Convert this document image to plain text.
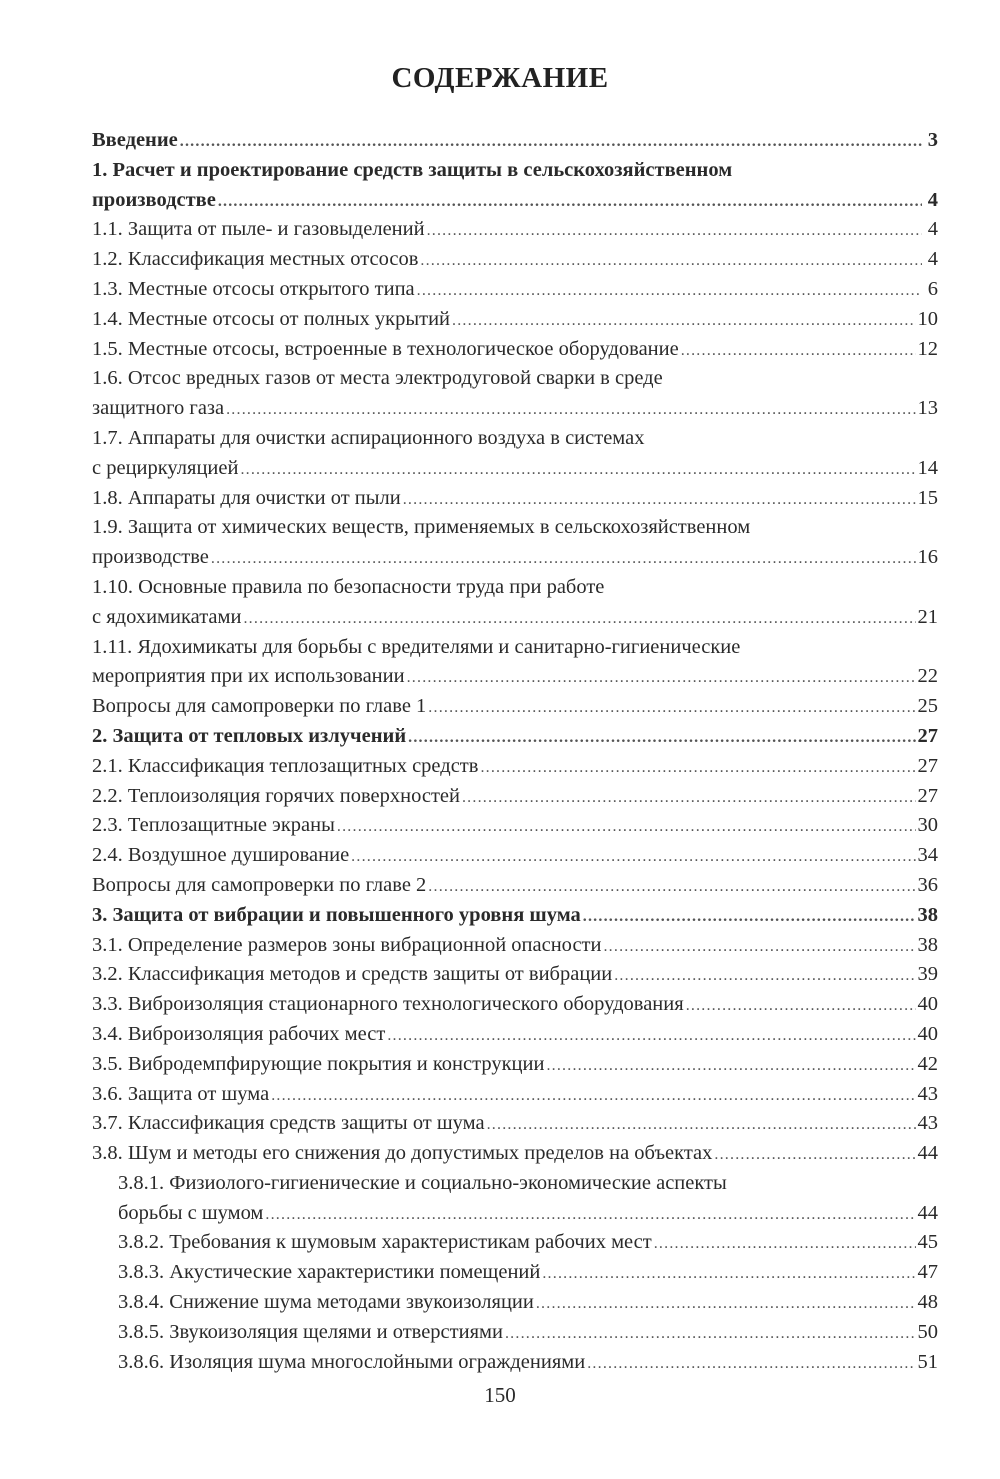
СОДЕРЖАНИЕ
Введение .....	3
1. Расчет и проектирование средств защиты в сельскохозяйственном
производстве .....	4
1.1. Защита от пыле- и газовыделений .....	4
1.2. Классификация местных отсосов .....	4
1.3. Местные отсосы открытого типа .....	6
1.4. Местные отсосы от полных укрытий .....	10
1.5. Местные отсосы, встроенные в технологическое оборудование .....	12
1.6. Отсос вредных газов от места электродуговой сварки в среде
защитного газа .....	13
1.7. Аппараты для очистки аспирационного воздуха в системах
с рециркуляцией .....	14
1.8. Аппараты для очистки от пыли .....	15
1.9. Защита от химических веществ, применяемых в сельскохозяйственном
производстве .....	16
1.10. Основные правила по безопасности труда при работе
с ядохимикатами .....	21
1.11. Ядохимикаты для борьбы с вредителями и санитарно-гигиенические
мероприятия при их использовании .....	22
Вопросы для самопроверки по главе 1 .....	25
2. Защита от тепловых излучений .....	27
2.1. Классификация теплозащитных средств .....	27
2.2. Теплоизоляция горячих поверхностей .....	27
2.3. Теплозащитные экраны .....	30
2.4. Воздушное душирование .....	34
Вопросы для самопроверки по главе 2 .....	36
3. Защита от вибрации и повышенного уровня шума .....	38
3.1. Определение размеров зоны вибрационной опасности .....	38
3.2. Классификация методов и средств защиты от вибрации .....	39
3.3. Виброизоляция стационарного технологического оборудования .....	40
3.4. Виброизоляция рабочих мест .....	40
3.5. Вибродемпфирующие покрытия и конструкции .....	42
3.6. Защита от шума .....	43
3.7. Классификация средств защиты от шума .....	43
3.8. Шум и методы его снижения до допустимых пределов на объектах .....	44
3.8.1. Физиолого-гигиенические и социально-экономические аспекты
борьбы с шумом .....	44
3.8.2. Требования к шумовым характеристикам рабочих мест .....	45
3.8.3. Акустические характеристики помещений .....	47
3.8.4. Снижение шума методами звукоизоляции .....	48
3.8.5. Звукоизоляция щелями и отверстиями .....	50
3.8.6. Изоляция шума многослойными ограждениями .....	51
150
